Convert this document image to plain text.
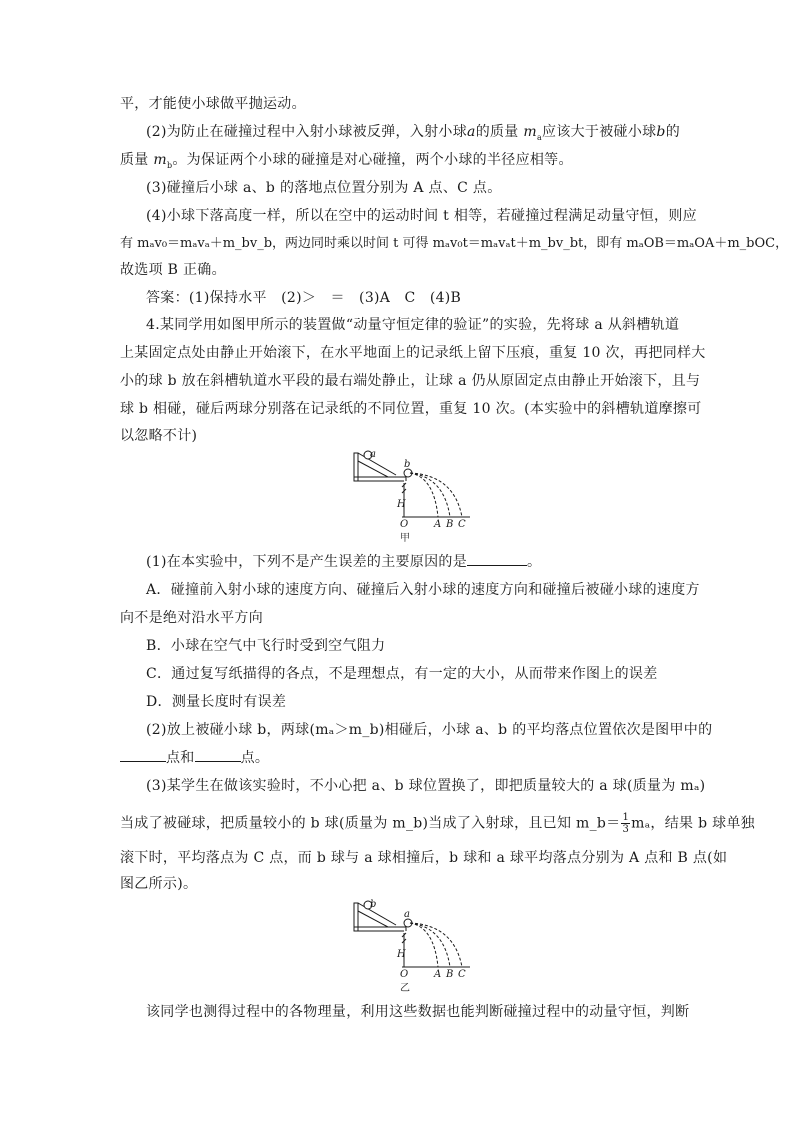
平，才能使小球做平抛运动。
(2)为防止在碰撞过程中入射小球被反弹，入射小球a的质量 $m_a$应该大于被碰小球b的
质量 $m_b$。为保证两个小球的碰撞是对心碰撞，两个小球的半径应相等。
(3)碰撞后小球 a、b 的落地点位置分别为 A 点、C 点。
(4)小球下落高度一样，所以在空中的运动时间 t 相等，若碰撞过程满足动量守恒，则应
有 mₐv₀＝mₐvₐ＋m_bv_b，两边同时乘以时间 t 可得 mₐv₀t＝mₐvₐt＋m_bv_bt，即有 mₐOB＝mₐOA＋m_bOC，
故选项 B 正确。
答案：(1)保持水平　(2)＞　＝　(3)A　C　(4)B
4.某同学用如图甲所示的装置做“动量守恒定律的验证”的实验，先将球 a 从斜槽轨道
上某固定点处由静止开始滚下，在水平地面上的记录纸上留下压痕，重复 10 次，再把同样大
小的球 b 放在斜槽轨道水平段的最右端处静止，让球 a 仍从原固定点由静止开始滚下，且与
球 b 相碰，碰后两球分别落在记录纸的不同位置，重复 10 次。(本实验中的斜槽轨道摩擦可
以忽略不计)
a
b
H
O	A B C
甲
(1)在本实验中，下列不是产生误差的主要原因的是	。
A．碰撞前入射小球的速度方向、碰撞后入射小球的速度方向和碰撞后被碰小球的速度方
向不是绝对沿水平方向
B．小球在空气中飞行时受到空气阻力
C．通过复写纸描得的各点，不是理想点，有一定的大小，从而带来作图上的误差
D．测量长度时有误差
(2)放上被碰小球 b，两球(mₐ＞m_b)相碰后，小球 a、b 的平均落点位置依次是图甲中的
点和	点。
(3)某学生在做该实验时，不小心把 a、b 球位置换了，即把质量较大的 a 球(质量为 mₐ)
当成了被碰球，把质量较小的 b 球(质量为 m_b)当成了入射球，且已知 m_b＝ $\frac{1}{3}$ mₐ，结果 b 球单独
滚下时，平均落点为 C 点，而 b 球与 a 球相撞后，b 球和 a 球平均落点分别为 A 点和 B 点(如
图乙所示)。
b
a
H
O	A B C
乙
该同学也测得过程中的各物理量，利用这些数据也能判断碰撞过程中的动量守恒，判断
